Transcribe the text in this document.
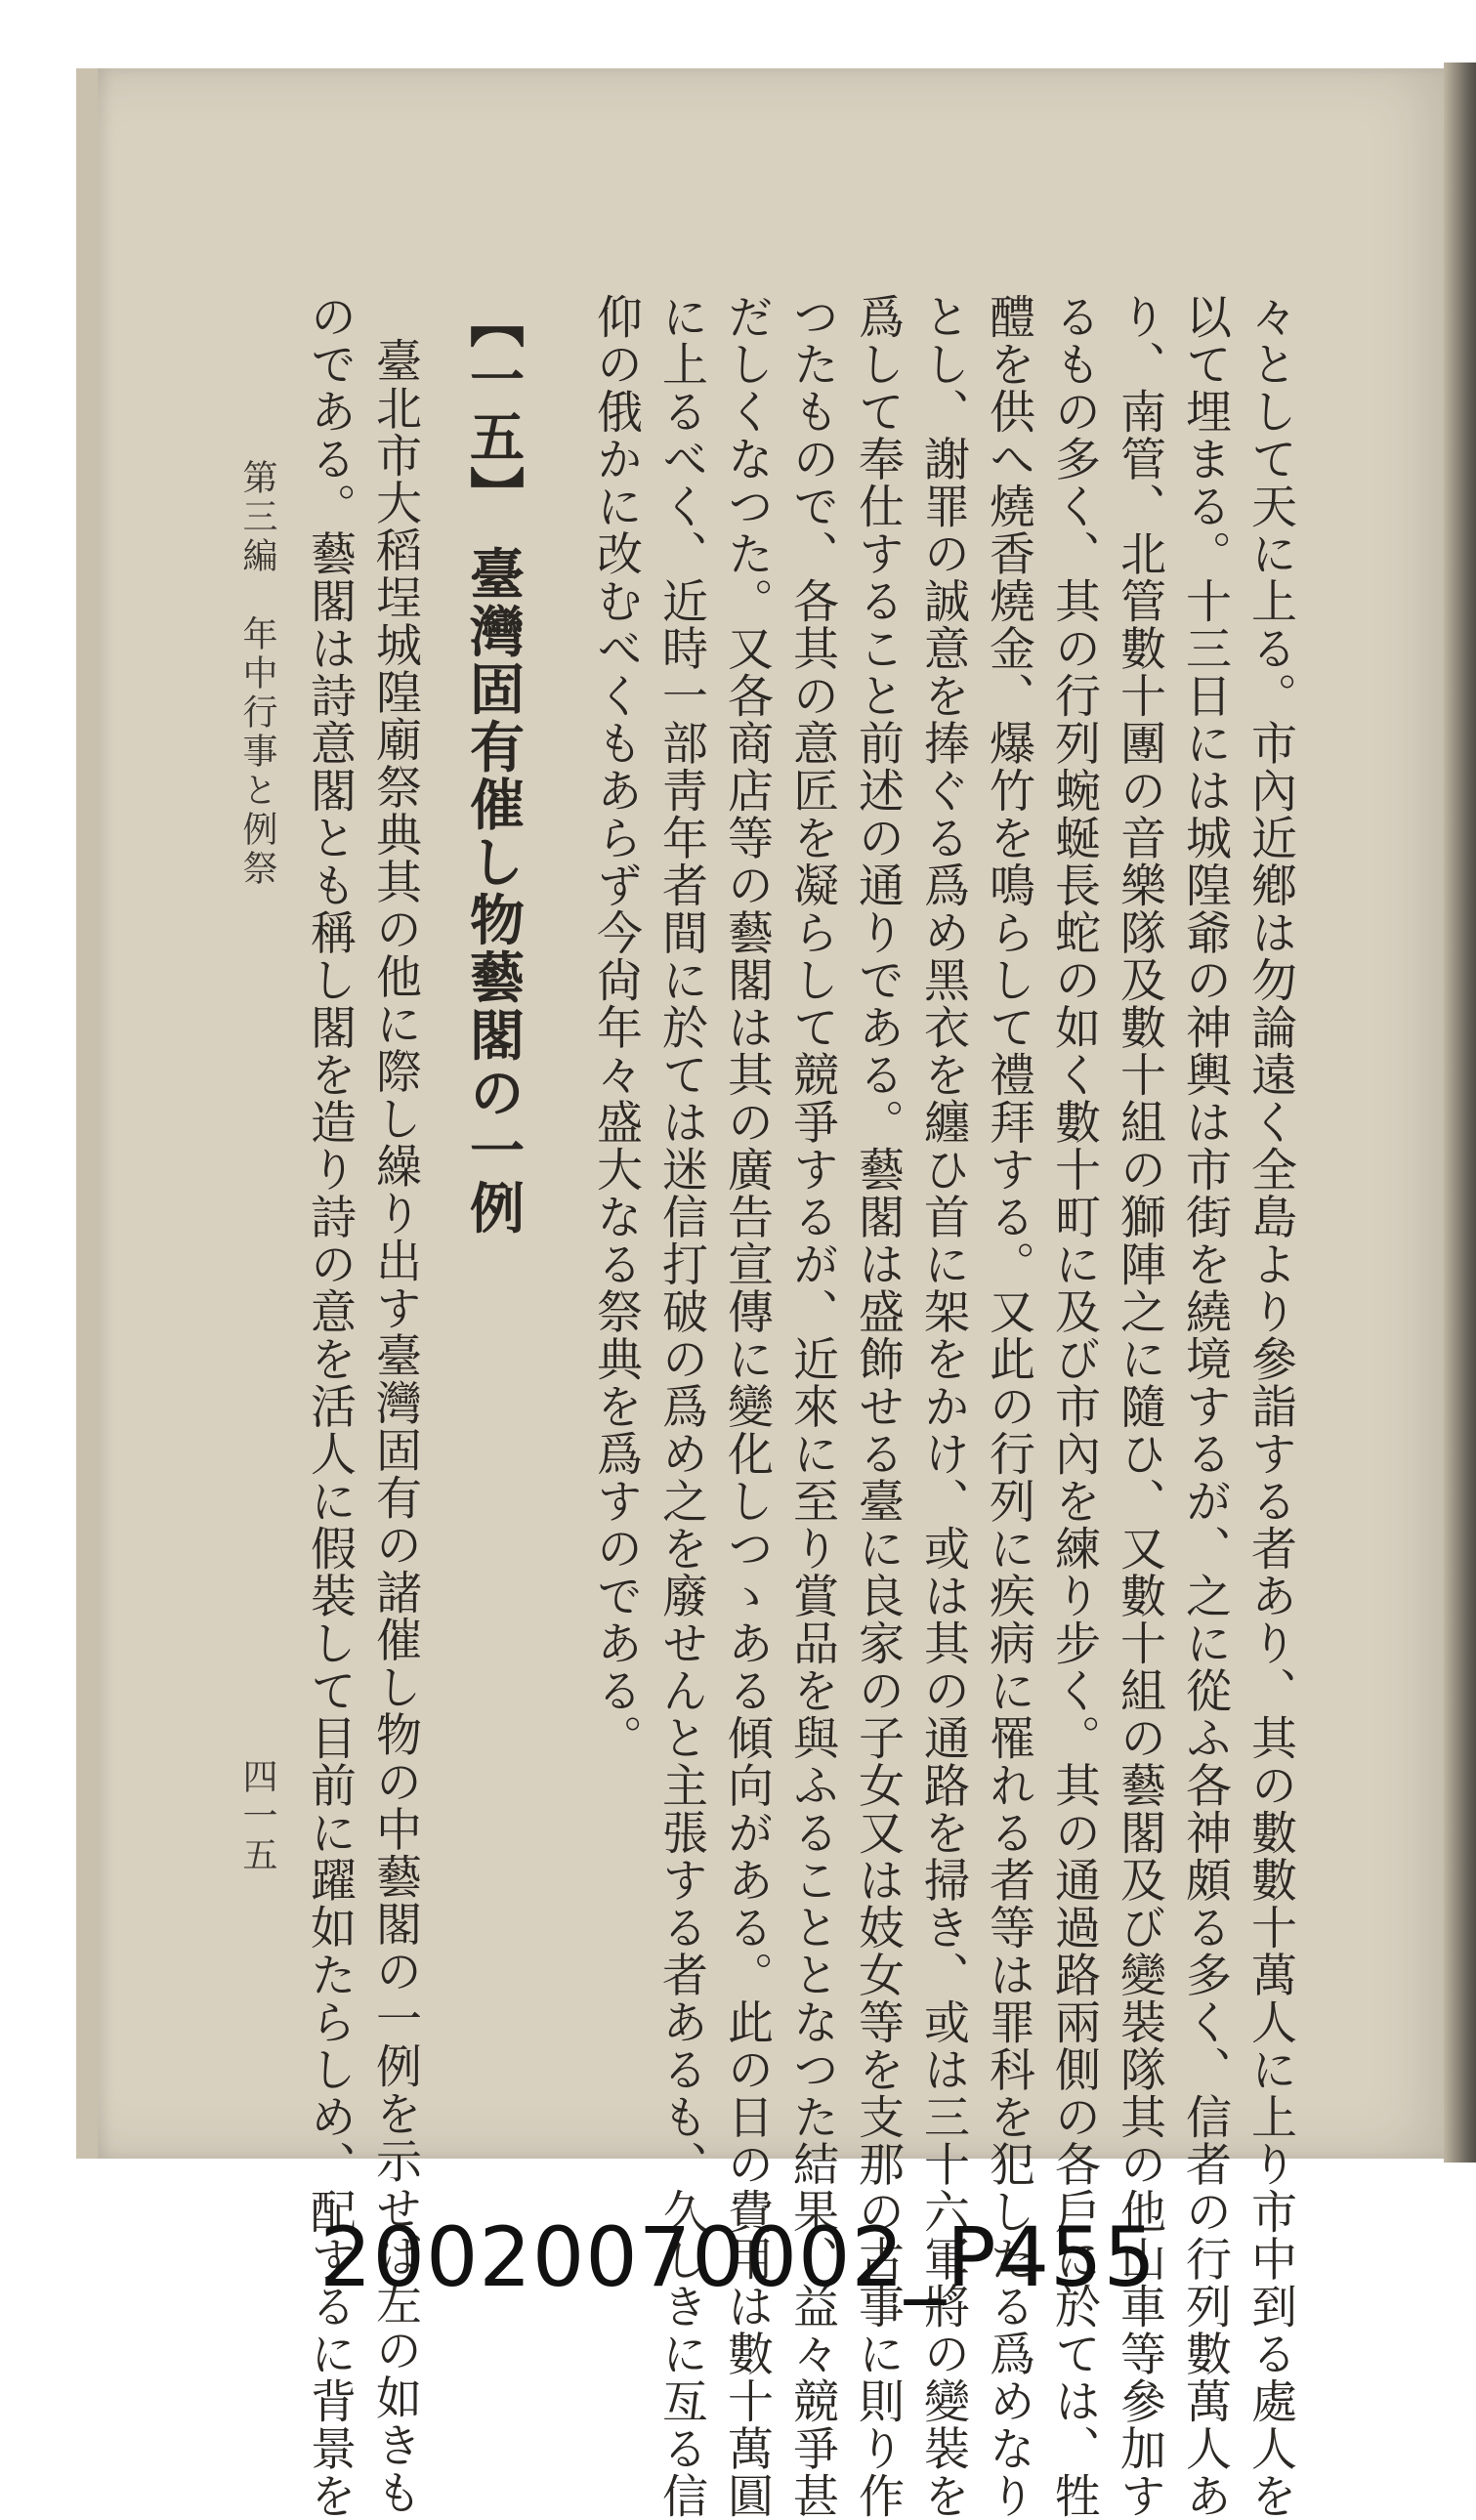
々として天に上る。市內近鄕は勿論遠く全島より參詣する者あり、其の數數十萬人に上り市中到る處人を
以て埋まる。十三日には城隍爺の神輿は市街を繞境するが、之に從ふ各神頗る多く、信者の行列數萬人あ
り、南管、北管數十團の音樂隊及數十組の獅陣之に隨ひ、又數十組の藝閣及び變裝隊其の他山車等參加す
るもの多く、其の行列蜿蜒長蛇の如く數十町に及び市內を練り步く。其の通過路兩側の各戶に於ては、牲
醴を供へ燒香燒金、爆竹を鳴らして禮拜する。又此の行列に疾病に罹れる者等は罪科を犯したる爲めなり
とし、謝罪の誠意を捧ぐる爲め黑衣を纏ひ首に架をかけ、或は其の通路を掃き、或は三十六軍將の變裝を
爲して奉仕すること前述の通りである。藝閣は盛飾せる臺に良家の子女又は妓女等を支那の古事に則り作
つたもので、各其の意匠を凝らして競爭するが、近來に至り賞品を與ふることとなつた結果、益々競爭甚
だしくなつた。又各商店等の藝閣は其の廣告宣傳に變化しつゝある傾向がある。此の日の費用は數十萬圓
に上るべく、近時一部靑年者間に於ては迷信打破の爲め之を廢せんと主張する者あるも、久しきに亙る信
仰の俄かに改むべくもあらず今尙年々盛大なる祭典を爲すのである。
【一五】 臺灣固有催し物藝閣の一例
臺北市大稻埕城隍廟祭典其の他に際し繰り出す臺灣固有の諸催し物の中藝閣の一例を示せば左の如きも
のである。藝閣は詩意閣とも稱し閣を造り詩の意を活人に假裝して目前に躍如たらしめ、配するに背景を
第三編　年中行事と例祭
四一五
20020070002_P455
